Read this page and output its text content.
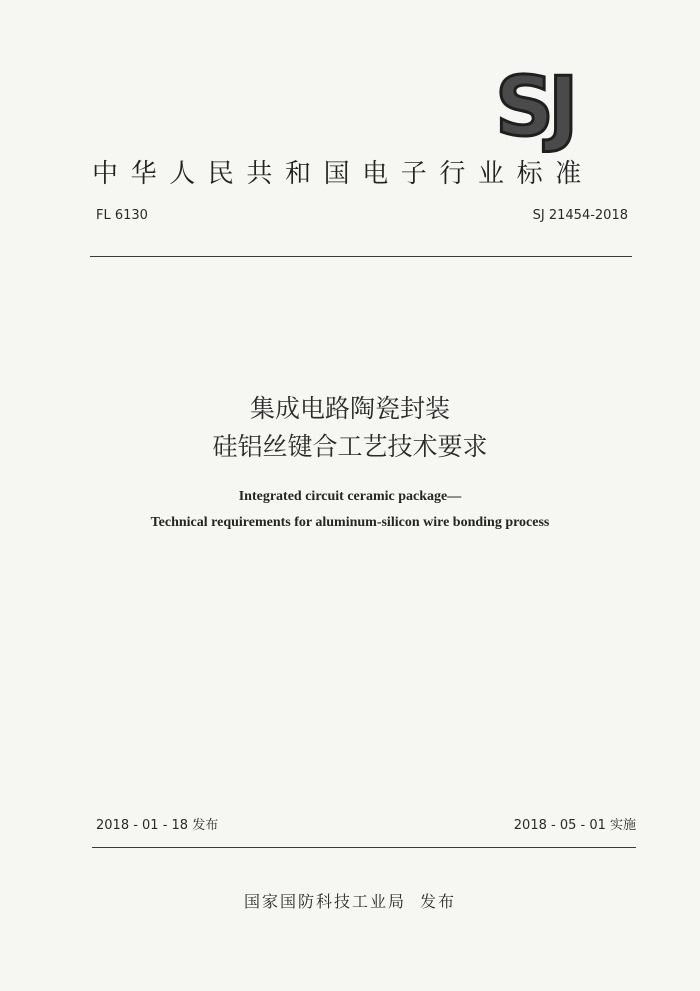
SJ
中华人民共和国电子行业标准
FL 6130	SJ 21454-2018
集成电路陶瓷封装
硅铝丝键合工艺技术要求
Integrated circuit ceramic package—
Technical requirements for aluminum-silicon wire bonding process
2018 - 01 - 18 发布	2018 - 05 - 01 实施
国家国防科技工业局 发布
